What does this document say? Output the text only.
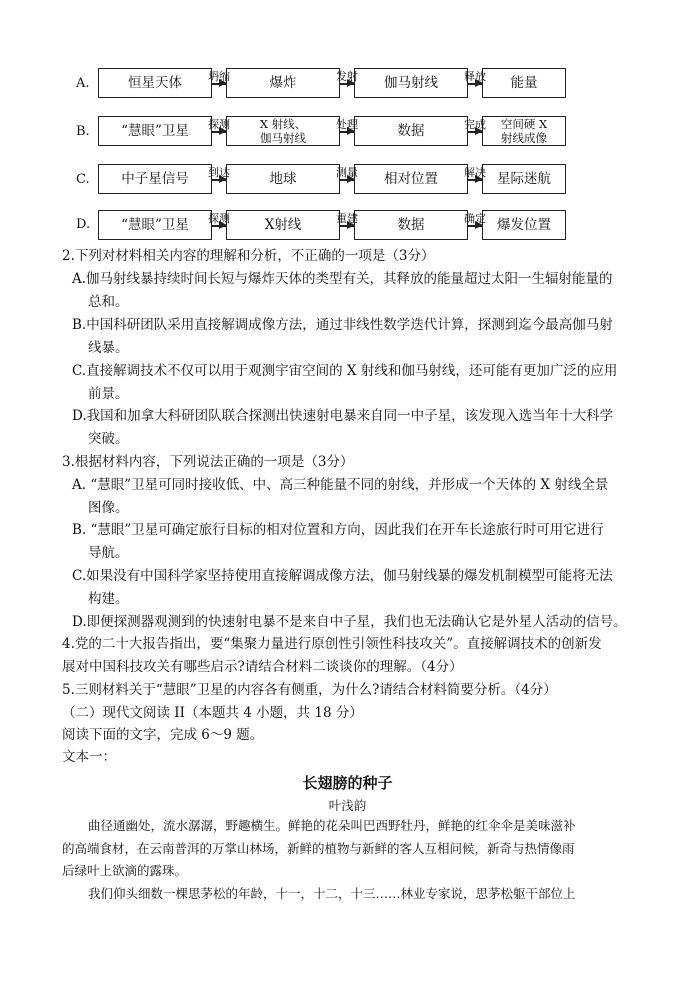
A.	恒星天体	爆炸	伽马射线	能量
坍缩	发射	释放
B.	“慧眼”卫星	X 射线、
伽马射线	数据	空间硬 X
射线成像
探测	处理	完成
C.	中子星信号	地球	相对位置	星际迷航
到达	测量	解决
D.	“慧眼”卫星	X射线	数据	爆发位置
探测	重建	确定
2.下列对材料相关内容的理解和分析，不正确的一项是（3分）
A.伽马射线暴持续时间长短与爆炸天体的类型有关，其释放的能量超过太阳一生辐射能量的
总和。
B.中国科研团队采用直接解调成像方法，通过非线性数学迭代计算，探测到迄今最高伽马射
线暴。
C.直接解调技术不仅可以用于观测宇宙空间的 X 射线和伽马射线，还可能有更加广泛的应用
前景。
D.我国和加拿大科研团队联合探测出快速射电暴来自同一中子星，该发现入选当年十大科学
突破。
3.根据材料内容，下列说法正确的一项是（3分）
A. “慧眼”卫星可同时接收低、中、高三种能量不同的射线，并形成一个天体的 X 射线全景
图像。
B. “慧眼”卫星可确定旅行目标的相对位置和方向，因此我们在开车长途旅行时可用它进行
导航。
C.如果没有中国科学家坚持使用直接解调成像方法，伽马射线暴的爆发机制模型可能将无法
构建。
D.即便探测器观测到的快速射电暴不是来自中子星，我们也无法确认它是外星人活动的信号。
4.党的二十大报告指出，要“集聚力量进行原创性引领性科技攻关”。直接解调技术的创新发
展对中国科技攻关有哪些启示?请结合材料二谈谈你的理解。（4分）
5.三则材料关于“慧眼”卫星的内容各有侧重，为什么?请结合材料简要分析。（4分）
（二）现代文阅读 II（本题共 4 小题，共 18 分）
阅读下面的文字，完成 6～9 题。
文本一：
长翅膀的种子
叶浅韵
曲径通幽处，流水潺潺，野趣横生。鲜艳的花朵叫巴西野牡丹，鲜艳的红伞伞是美味滋补
的高端食材，在云南普洱的万掌山林场，新鲜的植物与新鲜的客人互相问候，新奇与热情像雨
后绿叶上欲滴的露珠。
我们仰头细数一棵思茅松的年龄，十一，十二，十三……林业专家说，思茅松躯干部位上
